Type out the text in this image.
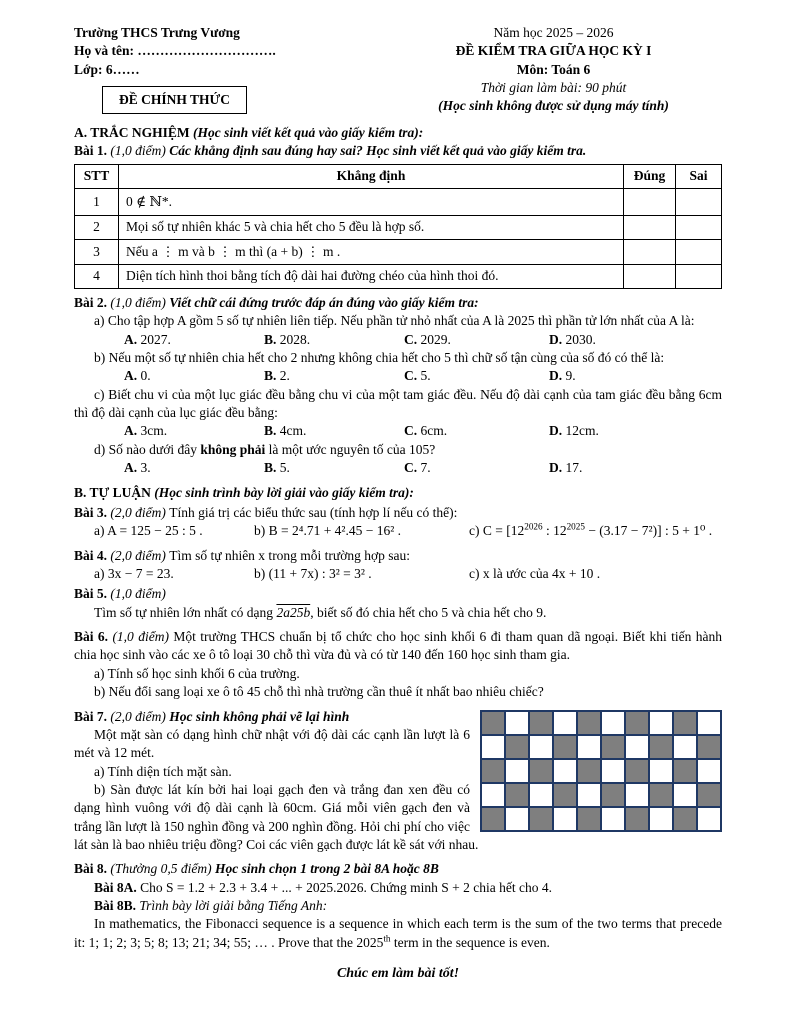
Trường THCS Trưng Vương
Họ và tên: ………………………….
Lớp: 6……
ĐỀ CHÍNH THỨC
Năm học 2025 – 2026
ĐỀ KIỂM TRA GIỮA HỌC KỲ I
Môn: Toán 6
Thời gian làm bài: 90 phút
(Học sinh không được sử dụng máy tính)

A. TRẮC NGHIỆM (Học sinh viết kết quả vào giấy kiểm tra):

Bài 1. (1,0 điểm) Các khẳng định sau đúng hay sai? Học sinh viết kết quả vào giấy kiểm tra.

STT	Khẳng định	Đúng	Sai
1	0 ∉ ℕ*.		
2	Mọi số tự nhiên khác 5 và chia hết cho 5 đều là hợp số.		
3	Nếu a ⋮ m và b ⋮ m thì (a + b) ⋮ m .		
4	Diện tích hình thoi bằng tích độ dài hai đường chéo của hình thoi đó.		

Bài 2. (1,0 điểm) Viết chữ cái đứng trước đáp án đúng vào giấy kiểm tra:

a) Cho tập hợp A gồm 5 số tự nhiên liên tiếp. Nếu phần tử nhỏ nhất của A là 2025 thì phần tử lớn nhất của A là:

A. 2027.	B. 2028.	C. 2029.	D. 2030.

b) Nếu một số tự nhiên chia hết cho 2 nhưng không chia hết cho 5 thì chữ số tận cùng của số đó có thể là:

A. 0.	B. 2.	C. 5.	D. 9.

c) Biết chu vi của một lục giác đều bằng chu vi của một tam giác đều. Nếu độ dài cạnh của tam giác đều bằng 6cm thì độ dài cạnh của lục giác đều bằng:

A. 3cm.	B. 4cm.	C. 6cm.	D. 12cm.

d) Số nào dưới đây không phải là một ước nguyên tố của 105?

A. 3.	B. 5.	C. 7.	D. 17.

B. TỰ LUẬN (Học sinh trình bày lời giải vào giấy kiểm tra):

Bài 3. (2,0 điểm) Tính giá trị các biểu thức sau (tính hợp lí nếu có thể):

a) A = 125 − 25 : 5 .	b) B = 2⁴.71 + 4².45 − 16² .	c) $C = [12^{2026}$ : $12^{2025} - (3.17 - 7^2)$] : 5 + 1⁰ .

Bài 4. (2,0 điểm) Tìm số tự nhiên x trong mỗi trường hợp sau:

a) 3x − 7 = 23.	b) (11 + 7x) : 3² = 3² .	c) x là ước của 4x + 10 .

Bài 5. (1,0 điểm)

Tìm số tự nhiên lớn nhất có dạng 2a25b, biết số đó chia hết cho 5 và chia hết cho 9.

Bài 6. (1,0 điểm) Một trường THCS chuẩn bị tổ chức cho học sinh khối 6 đi tham quan dã ngoại. Biết khi tiến hành chia học sinh vào các xe ô tô loại 30 chỗ thì vừa đủ và có từ 140 đến 160 học sinh tham gia.

a) Tính số học sinh khối 6 của trường.

b) Nếu đổi sang loại xe ô tô 45 chỗ thì nhà trường cần thuê ít nhất bao nhiêu chiếc?

Bài 7. (2,0 điểm) Học sinh không phải vẽ lại hình

Một mặt sàn có dạng hình chữ nhật với độ dài các cạnh lần lượt là 6 mét và 12 mét.

a) Tính diện tích mặt sàn.

b) Sàn được lát kín bởi hai loại gạch đen và trắng đan xen đều có dạng hình vuông với độ dài cạnh là 60cm. Giá mỗi viên gạch đen và trắng lần lượt là 150 nghìn đồng và 200 nghìn đồng. Hỏi chi phí cho việc lát sàn là bao nhiêu triệu đồng? Coi các viên gạch được lát kề sát với nhau.

Bài 8. (Thưởng 0,5 điểm) Học sinh chọn 1 trong 2 bài 8A hoặc 8B

Bài 8A. Cho S = 1.2 + 2.3 + 3.4 + ... + 2025.2026. Chứng minh S + 2 chia hết cho 4.

Bài 8B. Trình bày lời giải bằng Tiếng Anh:

In mathematics, the Fibonacci sequence is a sequence in which each term is the sum of the two terms that precede it: 1; 1; 2; 3; 5; 8; 13; 21; 34; 55; … . Prove that the 2025th term in the sequence is even.

Chúc em làm bài tốt!
